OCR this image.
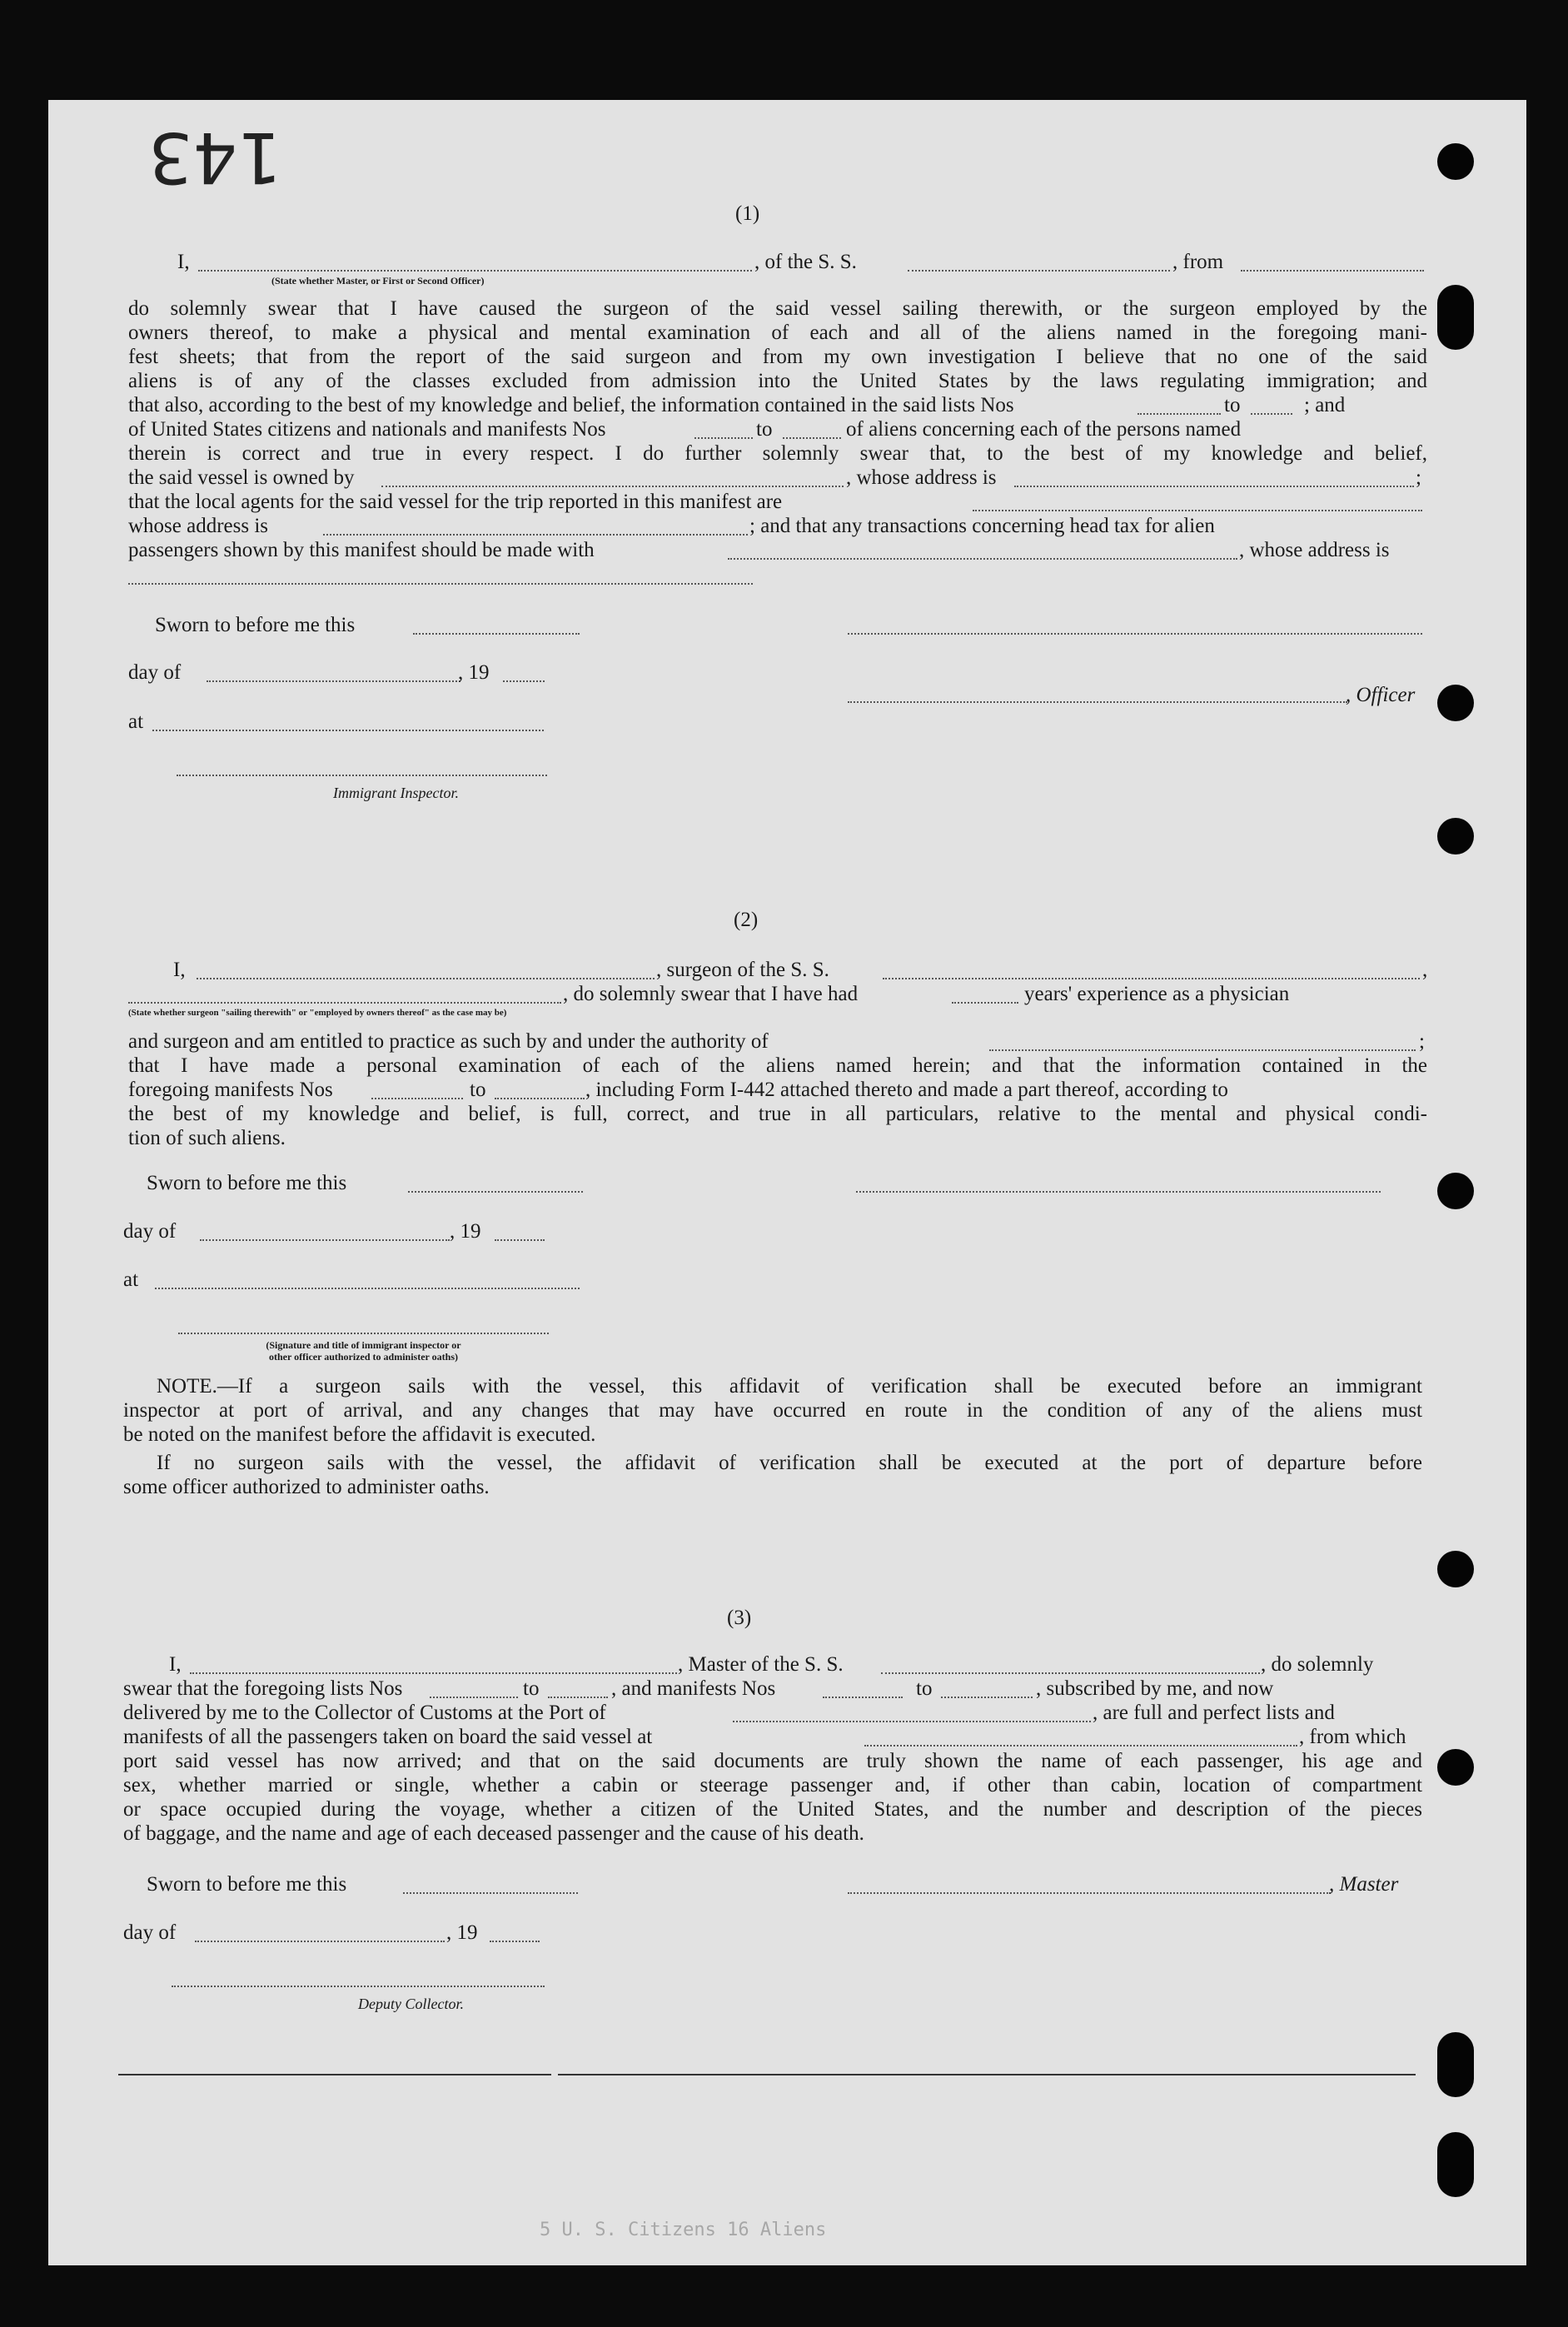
143
(1)
I,	, of the S. S.	, from
(State whether Master, or First or Second Officer)
do solemnly swear that I have caused the surgeon of the said vessel sailing therewith, or the surgeon employed by the
owners thereof, to make a physical and mental examination of each and all of the aliens named in the foregoing mani-
fest sheets; that from the report of the said surgeon and from my own investigation I believe that no one of the said
aliens is of any of the classes excluded from admission into the United States by the laws regulating immigration; and
that also, according to the best of my knowledge and belief, the information contained in the said lists Nos	to	; and
of United States citizens and nationals and manifests Nos	to	of aliens concerning each of the persons named
therein is correct and true in every respect. I do further solemnly swear that, to the best of my knowledge and belief,
the said vessel is owned by	, whose address is	;
that the local agents for the said vessel for the trip reported in this manifest are
whose address is	; and that any transactions concerning head tax for alien
passengers shown by this manifest should be made with	, whose address is
Sworn to before me this
day of	, 19
, Officer
at
Immigrant Inspector.
(2)
I,	, surgeon of the S. S.	,
, do solemnly swear that I have had	years' experience as a physician
(State whether surgeon "sailing therewith" or "employed by owners thereof" as the case may be)
and surgeon and am entitled to practice as such by and under the authority of	;
that I have made a personal examination of each of the aliens named herein; and that the information contained in the
foregoing manifests Nos	to	, including Form I-442 attached thereto and made a part thereof, according to
the best of my knowledge and belief, is full, correct, and true in all particulars, relative to the mental and physical condi-
tion of such aliens.
Sworn to before me this
day of	, 19
at
(Signature and title of immigrant inspector or
other officer authorized to administer oaths)
NOTE.—If a surgeon sails with the vessel, this affidavit of verification shall be executed before an immigrant
inspector at port of arrival, and any changes that may have occurred en route in the condition of any of the aliens must
be noted on the manifest before the affidavit is executed.
If no surgeon sails with the vessel, the affidavit of verification shall be executed at the port of departure before
some officer authorized to administer oaths.
(3)
I,	, Master of the S. S.	, do solemnly
swear that the foregoing lists Nos	to	, and manifests Nos	to	, subscribed by me, and now
delivered by me to the Collector of Customs at the Port of	, are full and perfect lists and
manifests of all the passengers taken on board the said vessel at	, from which
port said vessel has now arrived; and that on the said documents are truly shown the name of each passenger, his age and
sex, whether married or single, whether a cabin or steerage passenger and, if other than cabin, location of compartment
or space occupied during the voyage, whether a citizen of the United States, and the number and description of the pieces
of baggage, and the name and age of each deceased passenger and the cause of his death.
Sworn to before me this	, Master
day of	, 19
Deputy Collector.
5 U. S. Citizens 16 Aliens
